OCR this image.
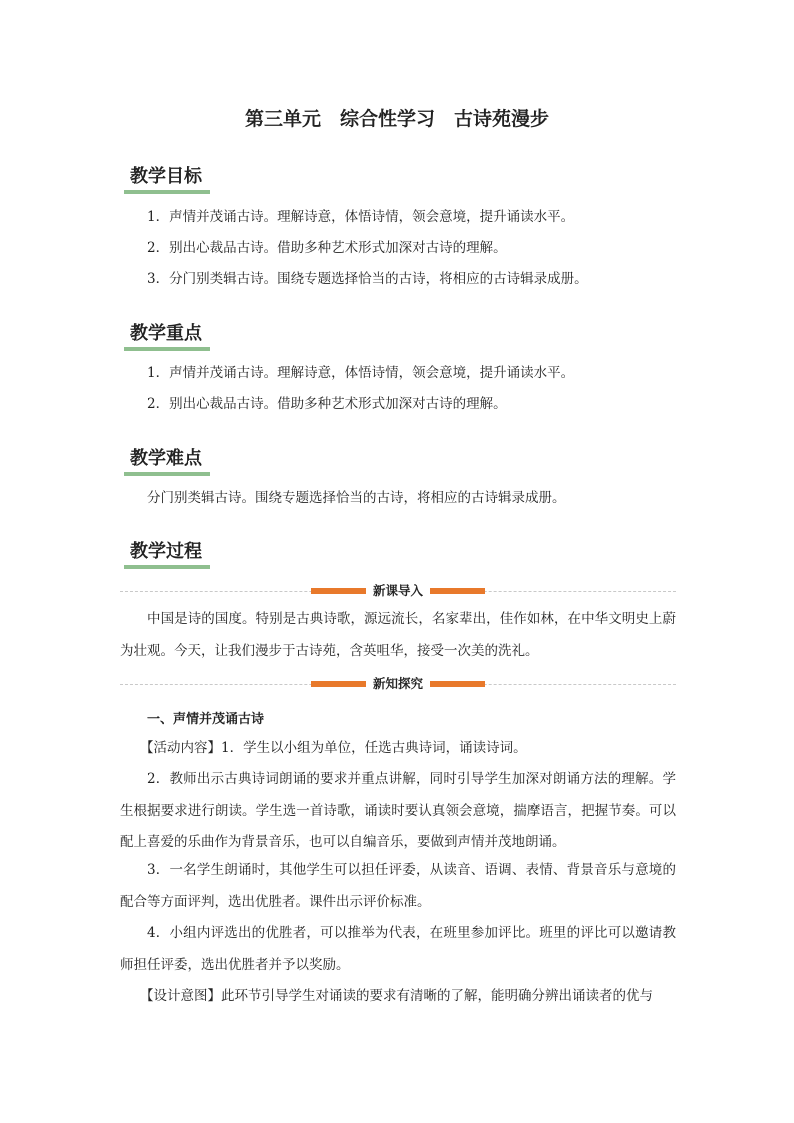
第三单元　综合性学习　古诗苑漫步
教学目标
1．声情并茂诵古诗。理解诗意，体悟诗情，领会意境，提升诵读水平。
2．别出心裁品古诗。借助多种艺术形式加深对古诗的理解。
3．分门别类辑古诗。围绕专题选择恰当的古诗，将相应的古诗辑录成册。
教学重点
1．声情并茂诵古诗。理解诗意，体悟诗情，领会意境，提升诵读水平。
2．别出心裁品古诗。借助多种艺术形式加深对古诗的理解。
教学难点
分门别类辑古诗。围绕专题选择恰当的古诗，将相应的古诗辑录成册。
教学过程
新课导入
中国是诗的国度。特别是古典诗歌，源远流长，名家辈出，佳作如林，在中华文明史上蔚为壮观。今天，让我们漫步于古诗苑，含英咀华，接受一次美的洗礼。
新知探究
一、声情并茂诵古诗
【活动内容】1．学生以小组为单位，任选古典诗词，诵读诗词。
2．教师出示古典诗词朗诵的要求并重点讲解，同时引导学生加深对朗诵方法的理解。学生根据要求进行朗读。学生选一首诗歌，诵读时要认真领会意境，揣摩语言，把握节奏。可以配上喜爱的乐曲作为背景音乐，也可以自编音乐，要做到声情并茂地朗诵。
3．一名学生朗诵时，其他学生可以担任评委，从读音、语调、表情、背景音乐与意境的配合等方面评判，选出优胜者。课件出示评价标准。
4．小组内评选出的优胜者，可以推举为代表，在班里参加评比。班里的评比可以邀请教师担任评委，选出优胜者并予以奖励。
【设计意图】此环节引导学生对诵读的要求有清晰的了解，能明确分辨出诵读者的优与
